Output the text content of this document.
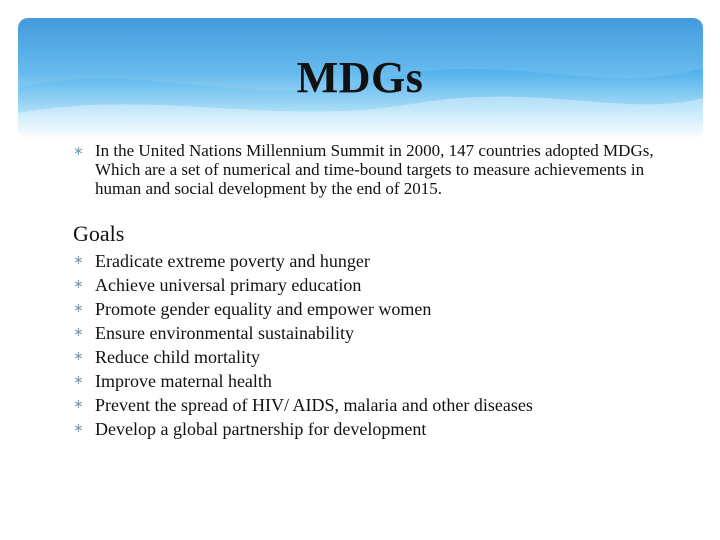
MDGs
∗ In the United Nations Millennium Summit in 2000, 147 countries adopted MDGs, Which are a set of numerical and time-bound targets to measure achievements in human and social development by the end of 2015.
Goals
∗ Eradicate extreme poverty and hunger
∗ Achieve universal primary education
∗ Promote gender equality and empower women
∗ Ensure environmental sustainability
∗ Reduce child mortality
∗ Improve maternal health
∗ Prevent the spread of HIV/ AIDS, malaria and other diseases
∗ Develop a global partnership for development
